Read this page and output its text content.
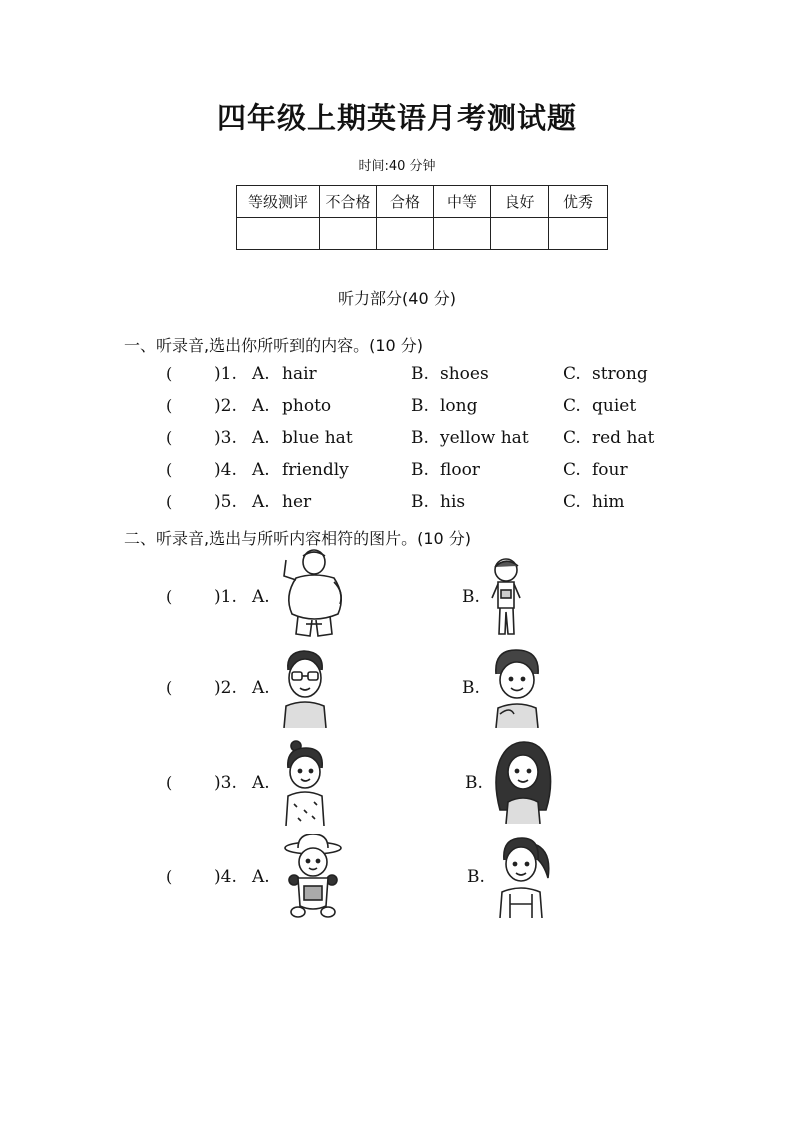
四年级上期英语月考测试题
时间:40 分钟
等级测评	不合格	合格	中等	良好	优秀

听力部分(40 分)
一、听录音,选出你所听到的内容。(10 分)
( )1. A. hair	B. shoes	C. strong
( )2. A. photo	B. long	C. quiet
( )3. A. blue hat	B. yellow hat C. red hat
( )4. A. friendly	B. floor	C. four
( )5. A. her	B. his	C. him
二、听录音,选出与所听内容相符的图片。(10 分)
( )1. A.	B.
( )2. A.	B.
( )3. A.	B.
( )4. A.	B.
